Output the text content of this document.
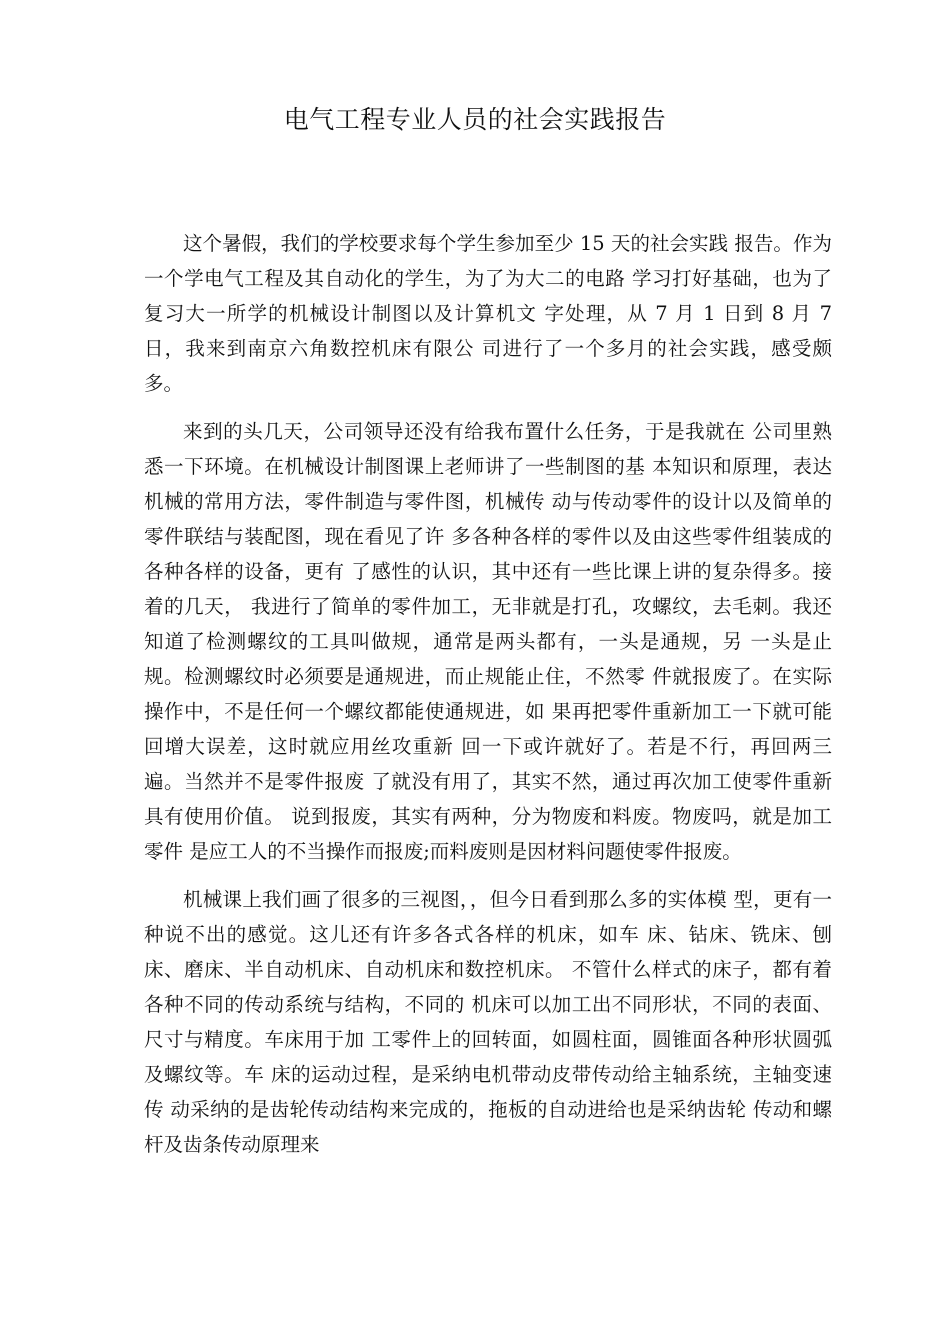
电气工程专业人员的社会实践报告

这个暑假，我们的学校要求每个学生参加至少 15 天的社会实践 报告。作为一个学电气工程及其自动化的学生，为了为大二的电路 学习打好基础，也为了复习大一所学的机械设计制图以及计算机文 字处理，从 7 月 1 日到 8 月 7 日，我来到南京六角数控机床有限公 司进行了一个多月的社会实践，感受颇多。

来到的头几天，公司领导还没有给我布置什么任务，于是我就在 公司里熟悉一下环境。在机械设计制图课上老师讲了一些制图的基 本知识和原理，表达机械的常用方法，零件制造与零件图，机械传 动与传动零件的设计以及简单的零件联结与装配图，现在看见了许 多各种各样的零件以及由这些零件组装成的各种各样的设备，更有 了感性的认识，其中还有一些比课上讲的复杂得多。接着的几天， 我进行了简单的零件加工，无非就是打孔，攻螺纹，去毛刺。我还 知道了检测螺纹的工具叫做规，通常是两头都有，一头是通规，另 一头是止规。检测螺纹时必须要是通规进，而止规能止住，不然零 件就报废了。在实际操作中，不是任何一个螺纹都能使通规进，如 果再把零件重新加工一下就可能回增大误差，这时就应用丝攻重新 回一下或许就好了。若是不行，再回两三遍。当然并不是零件报废 了就没有用了，其实不然，通过再次加工使零件重新具有使用价值。 说到报废，其实有两种，分为物废和料废。物废吗，就是加工零件 是应工人的不当操作而报废;而料废则是因材料问题使零件报废。

机械课上我们画了很多的三视图，，但今日看到那么多的实体模 型，更有一种说不出的感觉。这儿还有许多各式各样的机床，如车 床、钻床、铣床、刨床、磨床、半自动机床、自动机床和数控机床。 不管什么样式的床子，都有着各种不同的传动系统与结构，不同的 机床可以加工出不同形状，不同的表面、尺寸与精度。车床用于加 工零件上的回转面，如圆柱面，圆锥面各种形状圆弧及螺纹等。车 床的运动过程，是采纳电机带动皮带传动给主轴系统，主轴变速传 动采纳的是齿轮传动结构来完成的，拖板的自动进给也是采纳齿轮 传动和螺杆及齿条传动原理来
